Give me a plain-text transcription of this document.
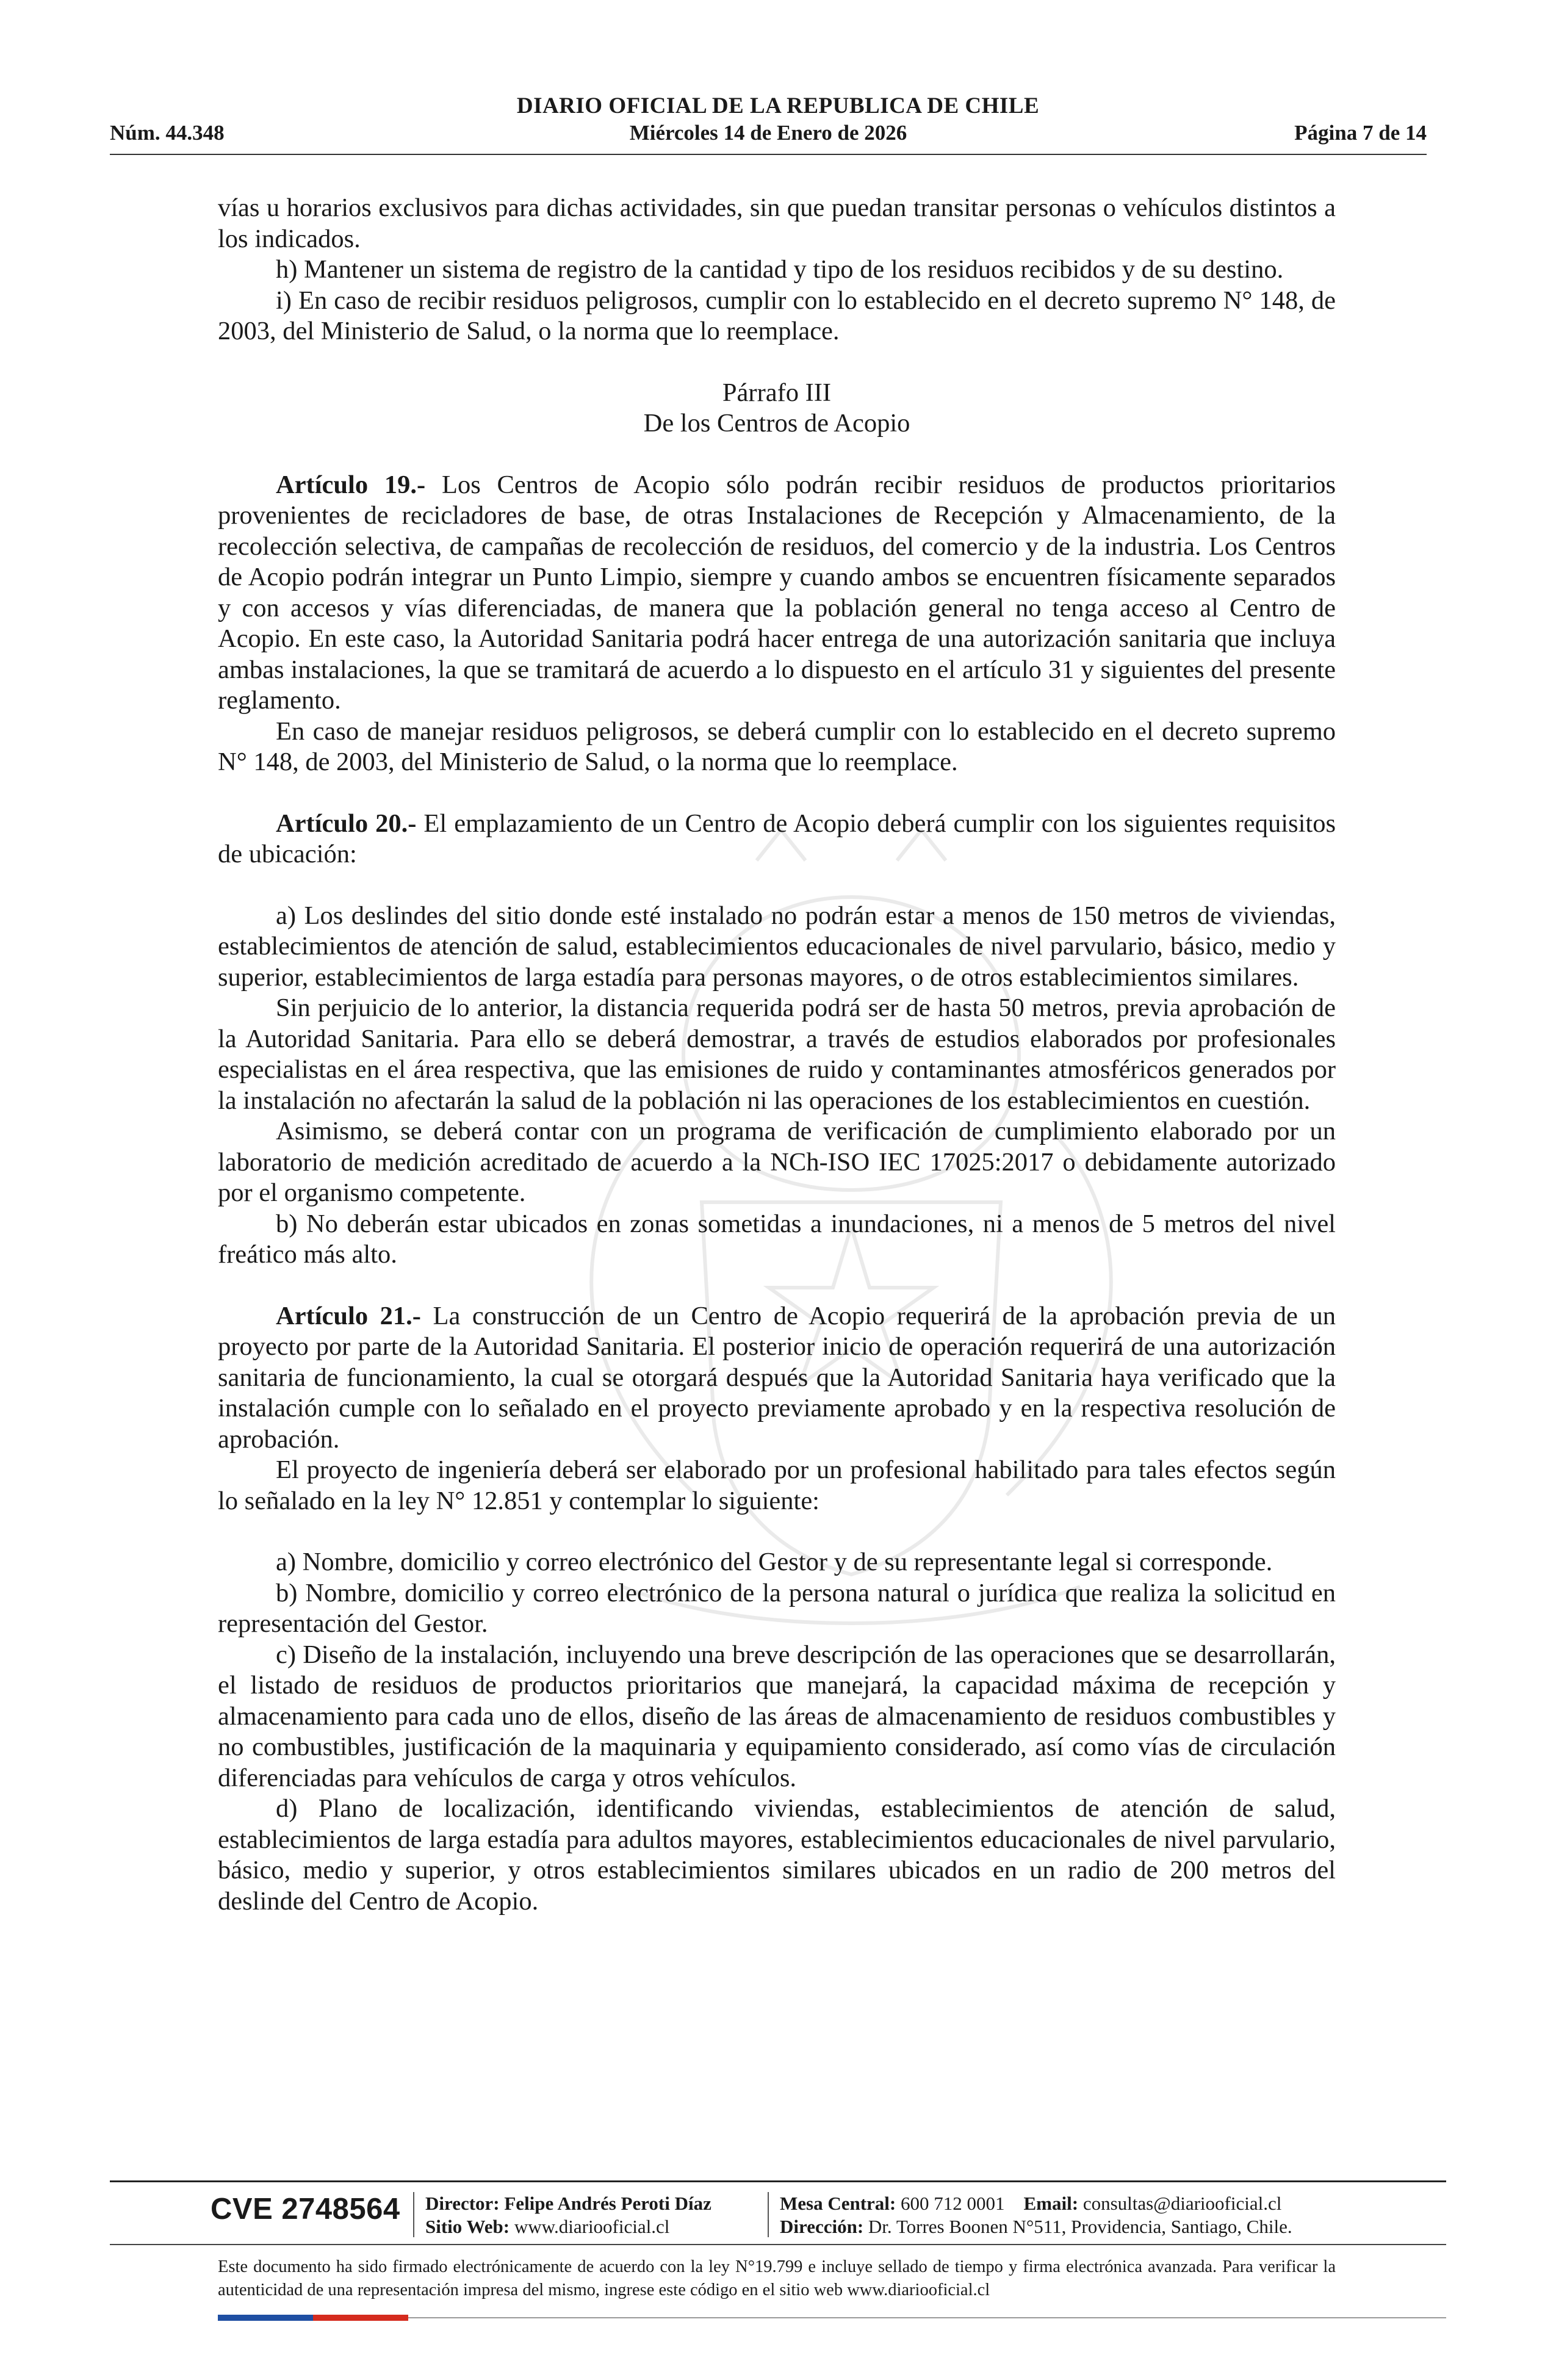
DIARIO OFICIAL DE LA REPUBLICA DE CHILE
Núm. 44.348	Miércoles 14 de Enero de 2026	Página 7 de 14

vías u horarios exclusivos para dichas actividades, sin que puedan transitar personas o vehículos distintos a los indicados.

h) Mantener un sistema de registro de la cantidad y tipo de los residuos recibidos y de su destino.

i) En caso de recibir residuos peligrosos, cumplir con lo establecido en el decreto supremo N° 148, de 2003, del Ministerio de Salud, o la norma que lo reemplace.

Párrafo III

De los Centros de Acopio

Artículo 19.- Los Centros de Acopio sólo podrán recibir residuos de productos prioritarios provenientes de recicladores de base, de otras Instalaciones de Recepción y Almacenamiento, de la recolección selectiva, de campañas de recolección de residuos, del comercio y de la industria. Los Centros de Acopio podrán integrar un Punto Limpio, siempre y cuando ambos se encuentren físicamente separados y con accesos y vías diferenciadas, de manera que la población general no tenga acceso al Centro de Acopio. En este caso, la Autoridad Sanitaria podrá hacer entrega de una autorización sanitaria que incluya ambas instalaciones, la que se tramitará de acuerdo a lo dispuesto en el artículo 31 y siguientes del presente reglamento.

En caso de manejar residuos peligrosos, se deberá cumplir con lo establecido en el decreto supremo N° 148, de 2003, del Ministerio de Salud, o la norma que lo reemplace.

Artículo 20.- El emplazamiento de un Centro de Acopio deberá cumplir con los siguientes requisitos de ubicación:

a) Los deslindes del sitio donde esté instalado no podrán estar a menos de 150 metros de viviendas, establecimientos de atención de salud, establecimientos educacionales de nivel parvulario, básico, medio y superior, establecimientos de larga estadía para personas mayores, o de otros establecimientos similares.

Sin perjuicio de lo anterior, la distancia requerida podrá ser de hasta 50 metros, previa aprobación de la Autoridad Sanitaria. Para ello se deberá demostrar, a través de estudios elaborados por profesionales especialistas en el área respectiva, que las emisiones de ruido y contaminantes atmosféricos generados por la instalación no afectarán la salud de la población ni las operaciones de los establecimientos en cuestión.

Asimismo, se deberá contar con un programa de verificación de cumplimiento elaborado por un laboratorio de medición acreditado de acuerdo a la NCh-ISO IEC 17025:2017 o debidamente autorizado por el organismo competente.

b) No deberán estar ubicados en zonas sometidas a inundaciones, ni a menos de 5 metros del nivel freático más alto.

Artículo 21.- La construcción de un Centro de Acopio requerirá de la aprobación previa de un proyecto por parte de la Autoridad Sanitaria. El posterior inicio de operación requerirá de una autorización sanitaria de funcionamiento, la cual se otorgará después que la Autoridad Sanitaria haya verificado que la instalación cumple con lo señalado en el proyecto previamente aprobado y en la respectiva resolución de aprobación.

El proyecto de ingeniería deberá ser elaborado por un profesional habilitado para tales efectos según lo señalado en la ley N° 12.851 y contemplar lo siguiente:

a) Nombre, domicilio y correo electrónico del Gestor y de su representante legal si corresponde.

b) Nombre, domicilio y correo electrónico de la persona natural o jurídica que realiza la solicitud en representación del Gestor.

c) Diseño de la instalación, incluyendo una breve descripción de las operaciones que se desarrollarán, el listado de residuos de productos prioritarios que manejará, la capacidad máxima de recepción y almacenamiento para cada uno de ellos, diseño de las áreas de almacenamiento de residuos combustibles y no combustibles, justificación de la maquinaria y equipamiento considerado, así como vías de circulación diferenciadas para vehículos de carga y otros vehículos.

d) Plano de localización, identificando viviendas, establecimientos de atención de salud, establecimientos de larga estadía para adultos mayores, establecimientos educacionales de nivel parvulario, básico, medio y superior, y otros establecimientos similares ubicados en un radio de 200 metros del deslinde del Centro de Acopio.

CVE 2748564 Director: Felipe Andrés Peroti Díaz
Sitio Web: www.diariooficial.cl
Mesa Central: 600 712 0001 Email: consultas@diariooficial.cl
Dirección: Dr. Torres Boonen N°511, Providencia, Santiago, Chile.
Este documento ha sido firmado electrónicamente de acuerdo con la ley N°19.799 e incluye sellado de tiempo y firma electrónica avanzada. Para verificar la autenticidad de una representación impresa del mismo, ingrese este código en el sitio web www.diariooficial.cl
